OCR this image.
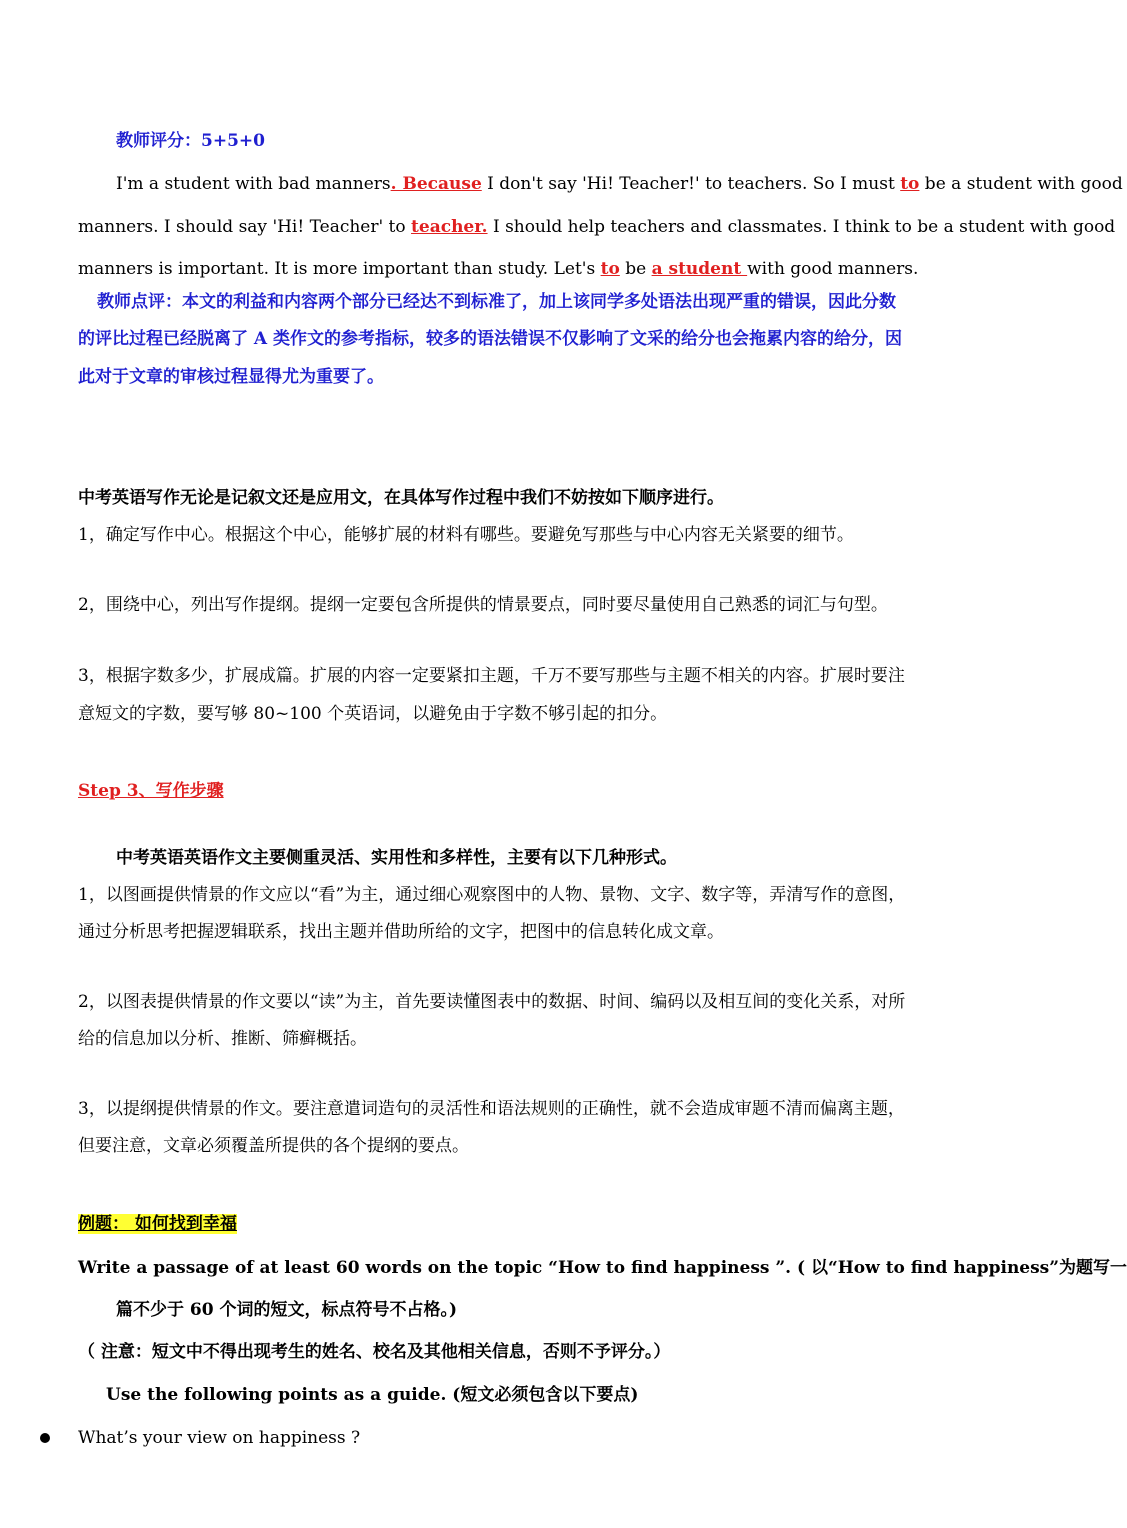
教师评分：5+5+0
I'm a student with bad manners. Because I don't say 'Hi! Teacher!' to teachers. So I must to be a student with good
manners. I should say 'Hi! Teacher' to teacher. I should help teachers and classmates. I think to be a student with good
manners is important. It is more important than study. Let's to be a student with good manners.
教师点评：本文的利益和内容两个部分已经达不到标准了，加上该同学多处语法出现严重的错误，因此分数
的评比过程已经脱离了 A 类作文的参考指标，较多的语法错误不仅影响了文采的给分也会拖累内容的给分，因
此对于文章的审核过程显得尤为重要了。
中考英语写作无论是记叙文还是应用文，在具体写作过程中我们不妨按如下顺序进行。
1，确定写作中心。根据这个中心，能够扩展的材料有哪些。要避免写那些与中心内容无关紧要的细节。
2，围绕中心，列出写作提纲。提纲一定要包含所提供的情景要点，同时要尽量使用自己熟悉的词汇与句型。
3，根据字数多少，扩展成篇。扩展的内容一定要紧扣主题，千万不要写那些与主题不相关的内容。扩展时要注
意短文的字数，要写够 80~100 个英语词，以避免由于字数不够引起的扣分。
Step 3、写作步骤
中考英语英语作文主要侧重灵活、实用性和多样性，主要有以下几种形式。
1，以图画提供情景的作文应以“看”为主，通过细心观察图中的人物、景物、文字、数字等，弄清写作的意图，
通过分析思考把握逻辑联系，找出主题并借助所给的文字，把图中的信息转化成文章。
2，以图表提供情景的作文要以“读”为主，首先要读懂图表中的数据、时间、编码以及相互间的变化关系，对所
给的信息加以分析、推断、筛癣概括。
3，以提纲提供情景的作文。要注意遣词造句的灵活性和语法规则的正确性，就不会造成审题不清而偏离主题，
但要注意，文章必须覆盖所提供的各个提纲的要点。
例题： 如何找到幸福
Write a passage of at least 60 words on the topic “How to find happiness ”. ( 以“How to find happiness”为题写一
篇不少于 60 个词的短文，标点符号不占格。)
（ 注意：短文中不得出现考生的姓名、校名及其他相关信息，否则不予评分。）
Use the following points as a guide. (短文必须包含以下要点)
What’s your view on happiness ?
